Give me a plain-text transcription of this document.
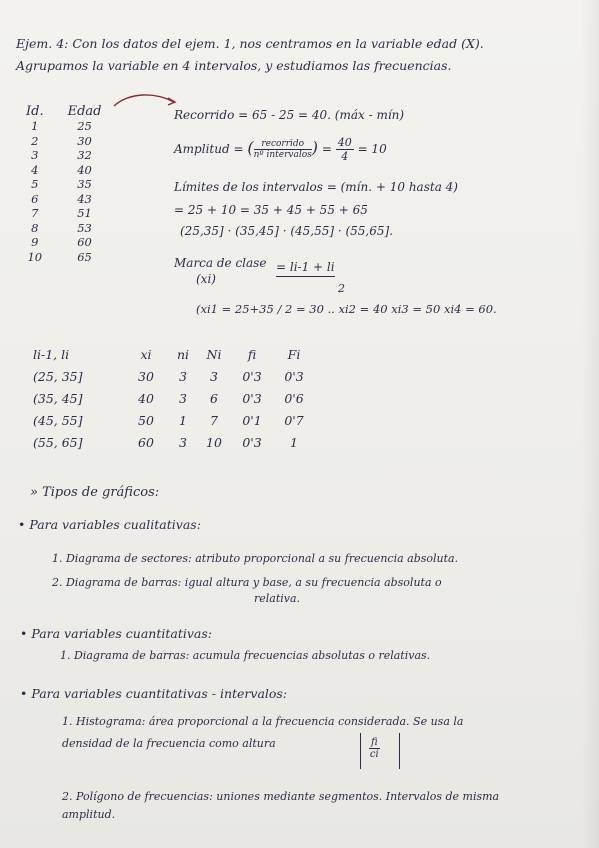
Ejem. 4: Con los datos del ejem. 1, nos centramos en la variable edad (X).
Agrupamos la variable en 4 intervalos, y estudiamos las frecuencias.
Id.	Edad
1	25
2	30
3	32
4	40
5	35
6	43
7	51
8	53
9	60
10	65
Recorrido = 65 - 25 = 40. (máx - mín)
Amplitud = ( $\frac{\text{recorrido}}{\text{nº intervalos}}$ ) = $\frac{40}{4} = 10$
Límites de los intervalos = (mín. + 10 hasta 4)
= 25 + 10 = 35 + 45 + 55 + 65
(25,35] · (35,45] · (45,55] · (55,65].
Marca de clase
(xi)
= li-1 + li
2
(xi1 = 25+35 / 2 = 30 .. xi2 = 40 xi3 = 50 xi4 = 60.
li-1, li	xi	ni	Ni	fi	Fi
(25, 35]	30	3	3	0'3	0'3
(35, 45]	40	3	6	0'3	0'6
(45, 55]	50	1	7	0'1	0'7
(55, 65]	60	3	10	0'3	1
» Tipos de gráficos:
• Para variables cualitativas:
1. Diagrama de sectores: atributo proporcional a su frecuencia absoluta.
2. Diagrama de barras: igual altura y base, a su frecuencia absoluta o
relativa.
• Para variables cuantitativas:
1. Diagrama de barras: acumula frecuencias absolutas o relativas.
• Para variables cuantitativas - intervalos:
1. Histograma: área proporcional a la frecuencia considerada. Se usa la
densidad de la frecuencia como altura	$\frac{fi}{ci}$
2. Polígono de frecuencias: uniones mediante segmentos. Intervalos de misma
amplitud.
